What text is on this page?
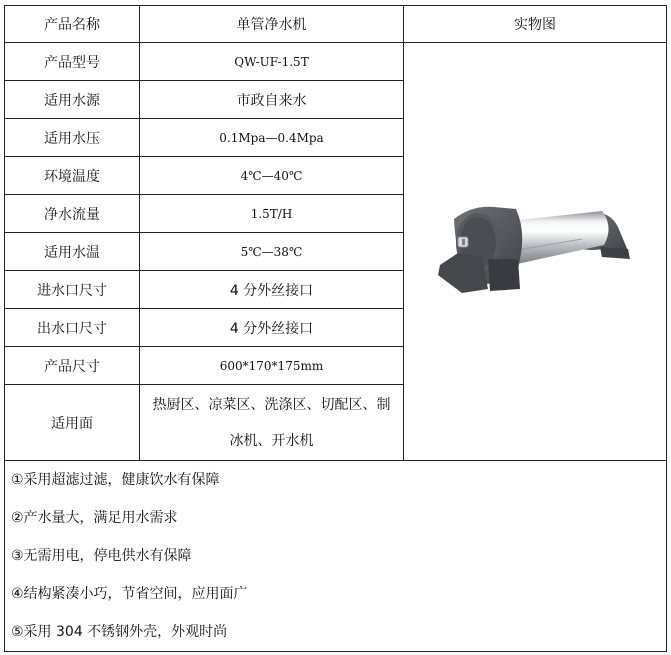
产品名称	单管净水机	实物图
产品型号	QW-UF-1.5T	

适用水源	市政自来水	
适用水压	0.1Mpa—0.4Mpa	
环境温度	4℃—40℃	
净水流量	1.5T/H	
适用水温	5℃—38℃	
进水口尺寸	4 分外丝接口	
出水口尺寸	4 分外丝接口	
产品尺寸	600*170*175mm	
适用面	热厨区、凉菜区、洗涤区、切配区、制
冰机、开水机	

①采用超滤过滤，健康饮水有保障
②产水量大，满足用水需求
③无需用电，停电供水有保障
④结构紧凑小巧，节省空间，应用面广
⑤采用 304 不锈钢外壳，外观时尚		
